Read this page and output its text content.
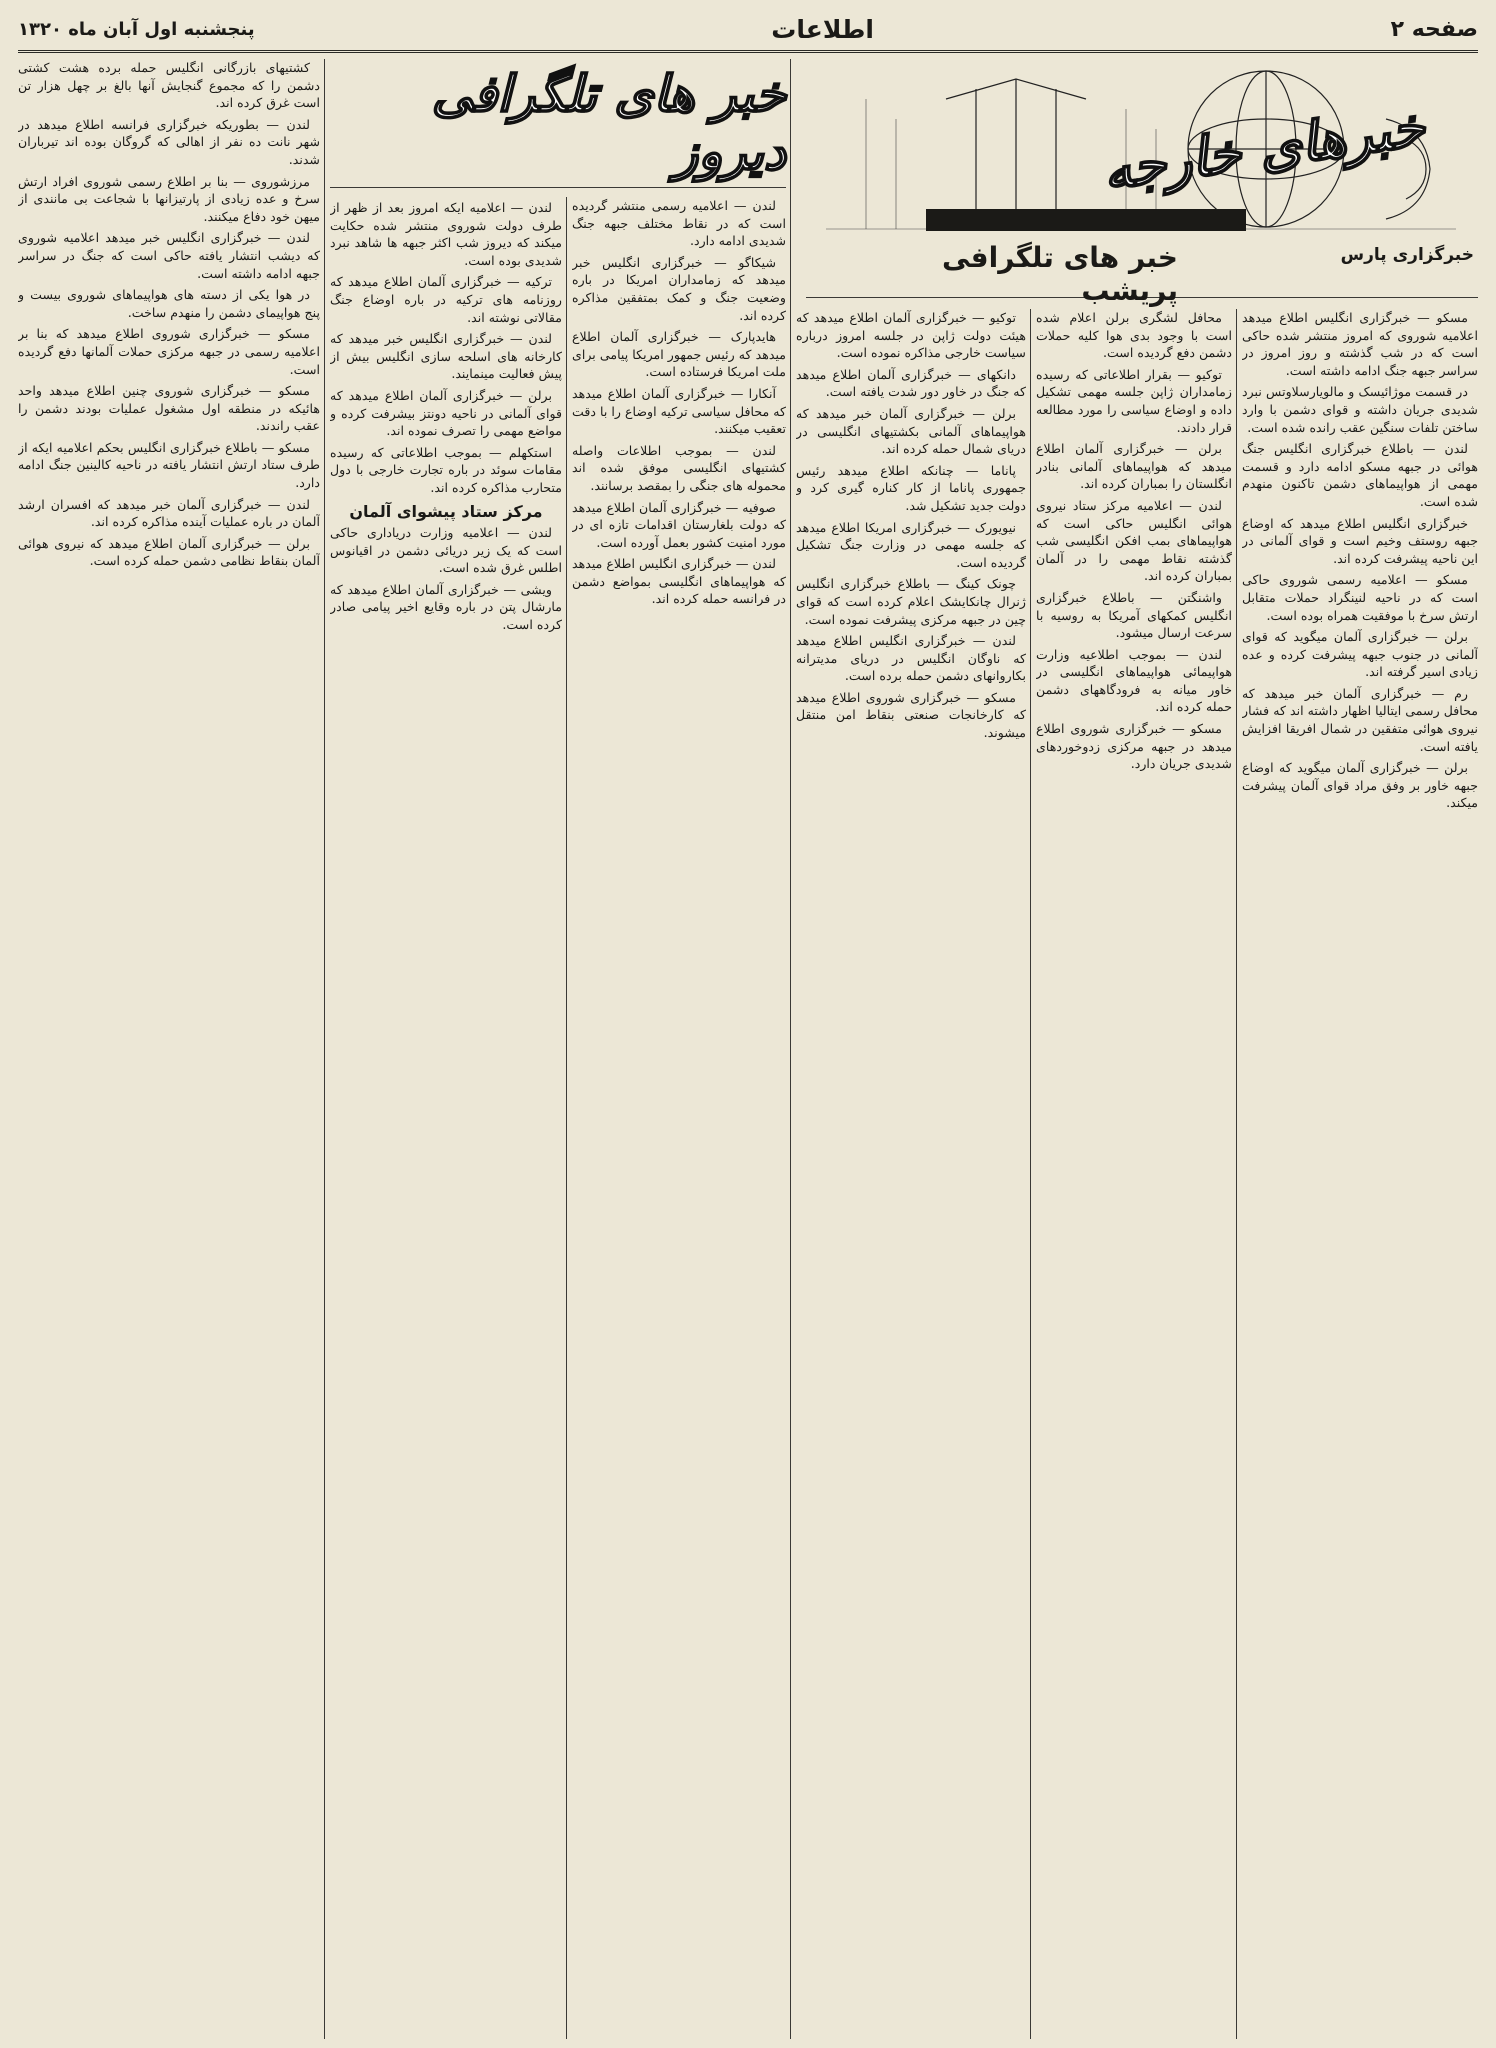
صفحه ۲
اطلاعات
پنجشنبه اول آبان ماه ۱۳۲۰
خبرهای خارجه
خبر های تلگرافی پریشب
خبرگزاری پارس
خبر های تلگرافی دیروز

مسکو — خبرگزاری انگلیس اطلاع میدهد اعلامیه شوروی که امروز منتشر شده حاکی است که در شب گذشته و روز امروز در سراسر جبهه جنگ ادامه داشته است.

در قسمت موژائیسک و مالویارسلاوتس نبرد شدیدی جریان داشته و قوای دشمن با وارد ساختن تلفات سنگین عقب رانده شده است.

لندن — باطلاع خبرگزاری انگلیس جنگ هوائی در جبهه مسکو ادامه دارد و قسمت مهمی از هواپیماهای دشمن تاکنون منهدم شده است.

خبرگزاری انگلیس اطلاع میدهد که اوضاع جبهه روستف وخیم است و قوای آلمانی در این ناحیه پیشرفت کرده اند.

مسکو — اعلامیه رسمی شوروی حاکی است که در ناحیه لنینگراد حملات متقابل ارتش سرخ با موفقیت همراه بوده است.

برلن — خبرگزاری آلمان میگوید که قوای آلمانی در جنوب جبهه پیشرفت کرده و عده زیادی اسیر گرفته اند.

رم — خبرگزاری آلمان خبر میدهد که محافل رسمی ایتالیا اظهار داشته اند که فشار نیروی هوائی متفقین در شمال افریقا افزایش یافته است.

برلن — خبرگزاری آلمان میگوید که اوضاع جبهه خاور بر وفق مراد قوای آلمان پیشرفت میکند.

محافل لشگری برلن اعلام شده است با وجود بدی هوا کلیه حملات دشمن دفع گردیده است.

توکیو — بقرار اطلاعاتی که رسیده زمامداران ژاپن جلسه مهمی تشکیل داده و اوضاع سیاسی را مورد مطالعه قرار دادند.

برلن — خبرگزاری آلمان اطلاع میدهد که هواپیماهای آلمانی بنادر انگلستان را بمباران کرده اند.

لندن — اعلامیه مرکز ستاد نیروی هوائی انگلیس حاکی است که هواپیماهای بمب افکن انگلیسی شب گذشته نقاط مهمی را در آلمان بمباران کرده اند.

واشنگتن — باطلاع خبرگزاری انگلیس کمکهای آمریکا به روسیه با سرعت ارسال میشود.

لندن — بموجب اطلاعیه وزارت هواپیمائی هواپیماهای انگلیسی در خاور میانه به فرودگاههای دشمن حمله کرده اند.

مسکو — خبرگزاری شوروی اطلاع میدهد در جبهه مرکزی زدوخوردهای شدیدی جریان دارد.

توکیو — خبرگزاری آلمان اطلاع میدهد که هیئت دولت ژاپن در جلسه امروز درباره سیاست خارجی مذاکره نموده است.

دانکهای — خبرگزاری آلمان اطلاع میدهد که جنگ در خاور دور شدت یافته است.

برلن — خبرگزاری آلمان خبر میدهد که هواپیماهای آلمانی بکشتیهای انگلیسی در دریای شمال حمله کرده اند.

پاناما — چنانکه اطلاع میدهد رئیس جمهوری پاناما از کار کناره گیری کرد و دولت جدید تشکیل شد.

نیویورک — خبرگزاری امریکا اطلاع میدهد که جلسه مهمی در وزارت جنگ تشکیل گردیده است.

چونک کینگ — باطلاع خبرگزاری انگلیس ژنرال چانکایشک اعلام کرده است که قوای چین در جبهه مرکزی پیشرفت نموده است.

لندن — خبرگزاری انگلیس اطلاع میدهد که ناوگان انگلیس در دریای مدیترانه بکاروانهای دشمن حمله برده است.

مسکو — خبرگزاری شوروی اطلاع میدهد که کارخانجات صنعتی بنقاط امن منتقل میشوند.

لندن — اعلامیه رسمی منتشر گردیده است که در نقاط مختلف جبهه جنگ شدیدی ادامه دارد.

شیکاگو — خبرگزاری انگلیس خبر میدهد که زمامداران امریکا در باره وضعیت جنگ و کمک بمتفقین مذاکره کرده اند.

هایدپارک — خبرگزاری آلمان اطلاع میدهد که رئیس جمهور امریکا پیامی برای ملت امریکا فرستاده است.

آنکارا — خبرگزاری آلمان اطلاع میدهد که محافل سیاسی ترکیه اوضاع را با دقت تعقیب میکنند.

لندن — بموجب اطلاعات واصله کشتیهای انگلیسی موفق شده اند محموله های جنگی را بمقصد برسانند.

صوفیه — خبرگزاری آلمان اطلاع میدهد که دولت بلغارستان اقدامات تازه ای در مورد امنیت کشور بعمل آورده است.

لندن — خبرگزاری انگلیس اطلاع میدهد که هواپیماهای انگلیسی بمواضع دشمن در فرانسه حمله کرده اند.

لندن — اعلامیه ایکه امروز بعد از ظهر از طرف دولت شوروی منتشر شده حکایت میکند که دیروز شب اکثر جبهه ها شاهد نبرد شدیدی بوده است.

ترکیه — خبرگزاری آلمان اطلاع میدهد که روزنامه های ترکیه در باره اوضاع جنگ مقالاتی نوشته اند.

لندن — خبرگزاری انگلیس خبر میدهد که کارخانه های اسلحه سازی انگلیس بیش از پیش فعالیت مینمایند.

برلن — خبرگزاری آلمان اطلاع میدهد که قوای آلمانی در ناحیه دونتز بیشرفت کرده و مواضع مهمی را تصرف نموده اند.

استکهلم — بموجب اطلاعاتی که رسیده مقامات سوئد در باره تجارت خارجی با دول متحارب مذاکره کرده اند.

مرکز ستاد پیشوای آلمان

لندن — اعلامیه وزارت دریاداری حاکی است که یک زیر دریائی دشمن در اقیانوس اطلس غرق شده است.

ویشی — خبرگزاری آلمان اطلاع میدهد که مارشال پتن در باره وقایع اخیر پیامی صادر کرده است.

کشتیهای بازرگانی انگلیس حمله برده هشت کشتی دشمن را که مجموع گنجایش آنها بالغ بر چهل هزار تن است غرق کرده اند.

لندن — بطوریکه خبرگزاری فرانسه اطلاع میدهد در شهر نانت ده نفر از اهالی که گروگان بوده اند تیرباران شدند.

مرزشوروی — بنا بر اطلاع رسمی شوروی افراد ارتش سرخ و عده زیادی از پارتیزانها با شجاعت بی مانندی از میهن خود دفاع میکنند.

لندن — خبرگزاری انگلیس خبر میدهد اعلامیه شوروی که دیشب انتشار یافته حاکی است که جنگ در سراسر جبهه ادامه داشته است.

در هوا یکی از دسته های هواپیماهای شوروی بیست و پنج هواپیمای دشمن را منهدم ساخت.

مسکو — خبرگزاری شوروی اطلاع میدهد که بنا بر اعلامیه رسمی در جبهه مرکزی حملات آلمانها دفع گردیده است.

مسکو — خبرگزاری شوروی چنین اطلاع میدهد واحد هائیکه در منطقه اول مشغول عملیات بودند دشمن را عقب راندند.

مسکو — باطلاع خبرگزاری انگلیس بحکم اعلامیه ایکه از طرف ستاد ارتش انتشار یافته در ناحیه کالینین جنگ ادامه دارد.

لندن — خبرگزاری آلمان خبر میدهد که افسران ارشد آلمان در باره عملیات آینده مذاکره کرده اند.

برلن — خبرگزاری آلمان اطلاع میدهد که نیروی هوائی آلمان بنقاط نظامی دشمن حمله کرده است.
